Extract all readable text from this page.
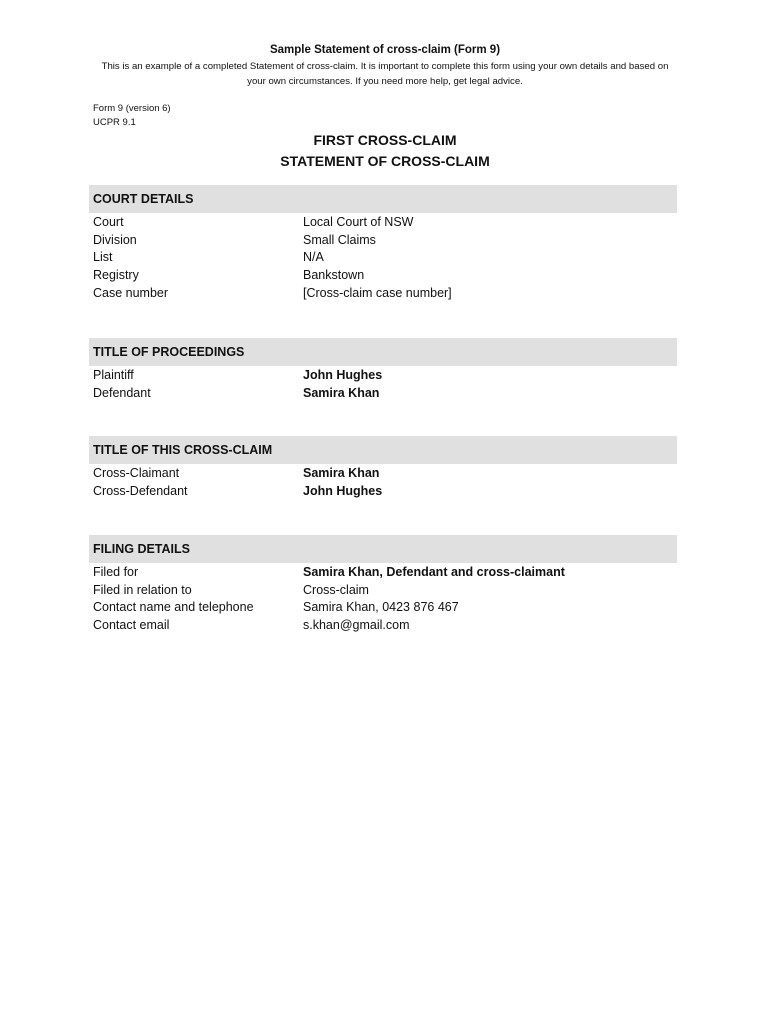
Sample Statement of cross-claim (Form 9)
This is an example of a completed Statement of cross-claim. It is important to complete this form using your own details and based on your own circumstances. If you need more help, get legal advice.
Form 9 (version 6)
UCPR 9.1
FIRST CROSS-CLAIM
STATEMENT OF CROSS-CLAIM
COURT DETAILS
Court	Local Court of NSW
Division	Small Claims
List	N/A
Registry	Bankstown
Case number	[Cross-claim case number]
TITLE OF PROCEEDINGS
Plaintiff	John Hughes
Defendant	Samira Khan
TITLE OF THIS CROSS-CLAIM
Cross-Claimant	Samira Khan
Cross-Defendant	John Hughes
FILING DETAILS
Filed for	Samira Khan, Defendant and cross-claimant
Filed in relation to	Cross-claim
Contact name and telephone	Samira Khan, 0423 876 467
Contact email	s.khan@gmail.com
